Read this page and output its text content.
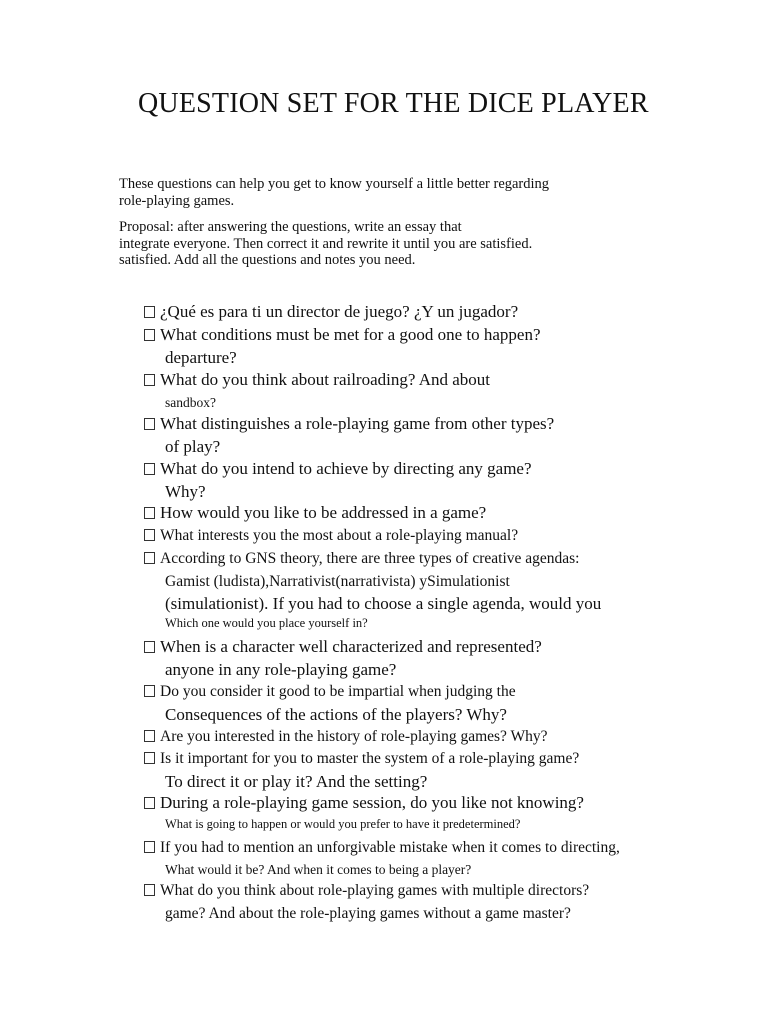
QUESTION SET FOR THE DICE PLAYER
These questions can help you get to know yourself a little better regarding
role-playing games.
Proposal: after answering the questions, write an essay that
integrate everyone. Then correct it and rewrite it until you are satisfied.
satisfied. Add all the questions and notes you need.
¿Qué es para ti un director de juego? ¿Y un jugador?
What conditions must be met for a good one to happen?
departure?
What do you think about railroading? And about
sandbox?
What distinguishes a role-playing game from other types?
of play?
What do you intend to achieve by directing any game?
Why?
How would you like to be addressed in a game?
What interests you the most about a role-playing manual?
According to GNS theory, there are three types of creative agendas:
Gamist (ludista),Narrativist(narrativista) ySimulationist
(simulationist). If you had to choose a single agenda, would you
Which one would you place yourself in?
When is a character well characterized and represented?
anyone in any role-playing game?
Do you consider it good to be impartial when judging the
Consequences of the actions of the players? Why?
Are you interested in the history of role-playing games? Why?
Is it important for you to master the system of a role-playing game?
To direct it or play it? And the setting?
During a role-playing game session, do you like not knowing?
What is going to happen or would you prefer to have it predetermined?
If you had to mention an unforgivable mistake when it comes to directing,
What would it be? And when it comes to being a player?
What do you think about role-playing games with multiple directors?
game? And about the role-playing games without a game master?
